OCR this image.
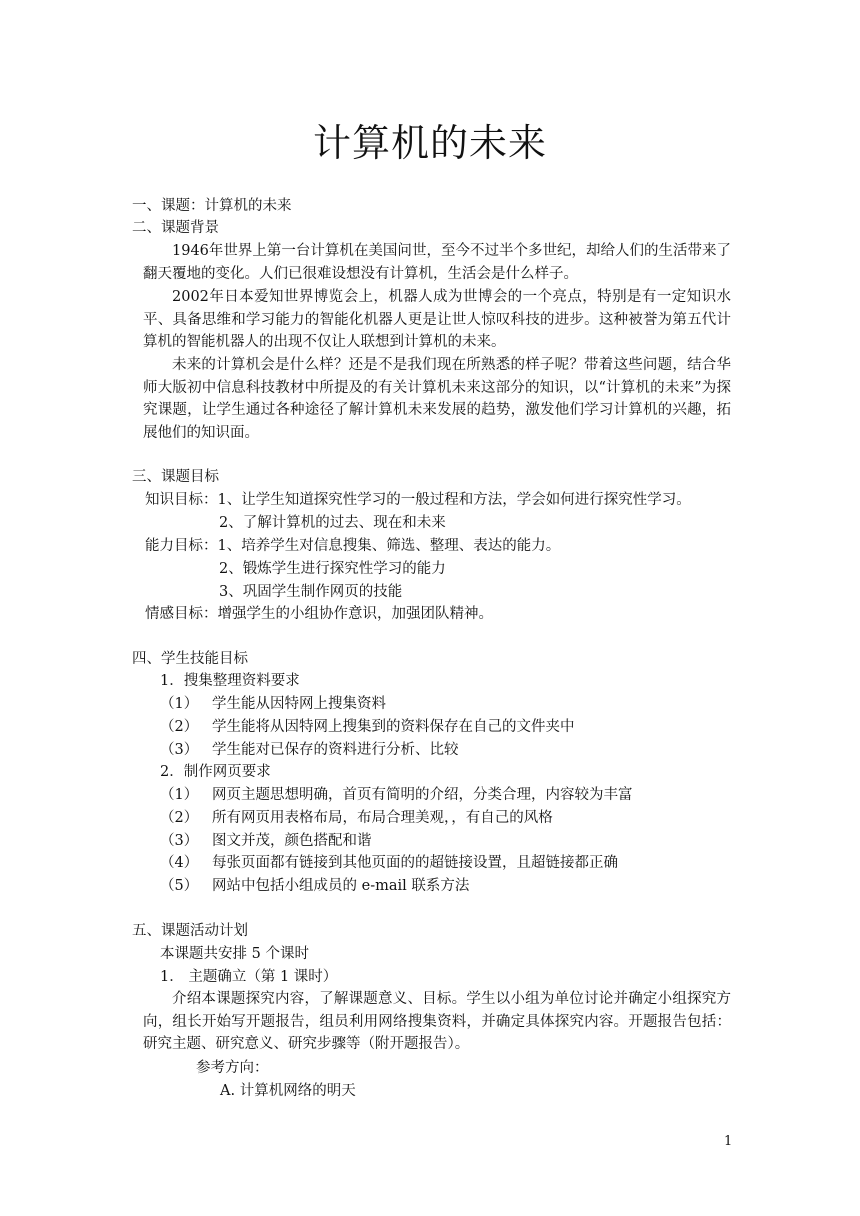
计算机的未来
一、课题：计算机的未来
二、课题背景
1946年世界上第一台计算机在美国问世，至今不过半个多世纪，却给人们的生活带来了翻天覆地的变化。人们已很难设想没有计算机，生活会是什么样子。
2002年日本爱知世界博览会上，机器人成为世博会的一个亮点，特别是有一定知识水平、具备思维和学习能力的智能化机器人更是让世人惊叹科技的进步。这种被誉为第五代计算机的智能机器人的出现不仅让人联想到计算机的未来。
未来的计算机会是什么样？还是不是我们现在所熟悉的样子呢？带着这些问题，结合华师大版初中信息科技教材中所提及的有关计算机未来这部分的知识，以“计算机的未来”为探究课题，让学生通过各种途径了解计算机未来发展的趋势，激发他们学习计算机的兴趣，拓展他们的知识面。
三、课题目标
知识目标：1、让学生知道探究性学习的一般过程和方法，学会如何进行探究性学习。
2、了解计算机的过去、现在和未来
能力目标：1、培养学生对信息搜集、筛选、整理、表达的能力。
2、锻炼学生进行探究性学习的能力
3、巩固学生制作网页的技能
情感目标：增强学生的小组协作意识，加强团队精神。
四、学生技能目标
1．搜集整理资料要求
（1） 学生能从因特网上搜集资料
（2） 学生能将从因特网上搜集到的资料保存在自己的文件夹中
（3） 学生能对已保存的资料进行分析、比较
2．制作网页要求
（1） 网页主题思想明确，首页有简明的介绍，分类合理，内容较为丰富
（2） 所有网页用表格布局，布局合理美观，，有自己的风格
（3） 图文并茂，颜色搭配和谐
（4） 每张页面都有链接到其他页面的的超链接设置，且超链接都正确
（5） 网站中包括小组成员的 e-mail 联系方法
五、课题活动计划
本课题共安排 5 个课时
1． 主题确立（第 1 课时）
介绍本课题探究内容，了解课题意义、目标。学生以小组为单位讨论并确定小组探究方向，组长开始写开题报告，组员利用网络搜集资料，并确定具体探究内容。开题报告包括：研究主题、研究意义、研究步骤等（附开题报告）。
参考方向：
A. 计算机网络的明天
1
